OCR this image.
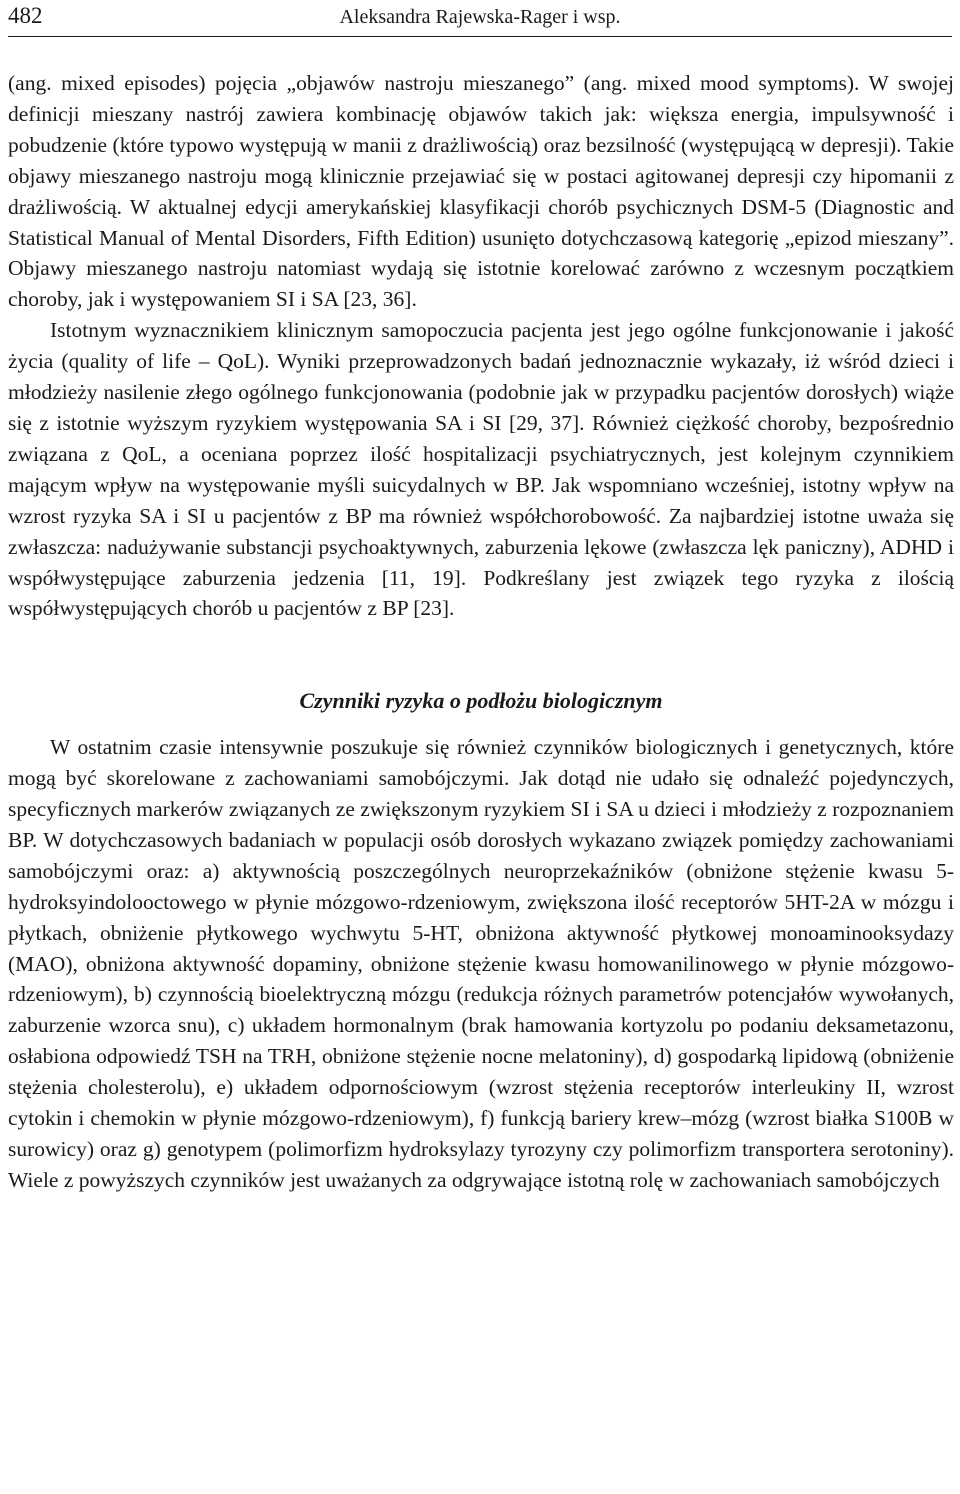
482	Aleksandra Rajewska-Rager i wsp.

(ang. mixed episodes) pojęcia „objawów nastroju mieszanego” (ang. mixed mood symptoms). W swojej definicji mieszany nastrój zawiera kombinację objawów takich jak: większa energia, impulsywność i pobudzenie (które typowo występują w manii z drażliwością) oraz bezsilność (występującą w depresji). Takie objawy mieszanego nastroju mogą klinicznie przejawiać się w postaci agitowanej depresji czy hipomanii z drażliwością. W aktualnej edycji amerykańskiej klasyfikacji chorób psychicznych DSM-5 (Diagnostic and Statistical Manual of Mental Disorders, Fifth Edition) usunięto dotychczasową kategorię „epizod mieszany”. Objawy mieszanego nastroju natomiast wydają się istotnie korelować zarówno z wczesnym początkiem choroby, jak i występowaniem SI i SA [23, 36].

Istotnym wyznacznikiem klinicznym samopoczucia pacjenta jest jego ogólne funkcjonowanie i jakość życia (quality of life – QoL). Wyniki przeprowadzonych badań jednoznacznie wykazały, iż wśród dzieci i młodzieży nasilenie złego ogólnego funkcjonowania (podobnie jak w przypadku pacjentów dorosłych) wiąże się z istotnie wyższym ryzykiem występowania SA i SI [29, 37]. Również ciężkość choroby, bezpośrednio związana z QoL, a oceniana poprzez ilość hospitalizacji psychiatrycznych, jest kolejnym czynnikiem mającym wpływ na występowanie myśli suicydalnych w BP. Jak wspomniano wcześniej, istotny wpływ na wzrost ryzyka SA i SI u pacjentów z BP ma również współchorobowość. Za najbardziej istotne uważa się zwłaszcza: nadużywanie substancji psychoaktywnych, zaburzenia lękowe (zwłaszcza lęk paniczny), ADHD i współwystępujące zaburzenia jedzenia [11, 19]. Podkreślany jest związek tego ryzyka z ilością współwystępujących chorób u pacjentów z BP [23].

Czynniki ryzyka o podłożu biologicznym

W ostatnim czasie intensywnie poszukuje się również czynników biologicznych i genetycznych, które mogą być skorelowane z zachowaniami samobójczymi. Jak dotąd nie udało się odnaleźć pojedynczych, specyficznych markerów związanych ze zwiększonym ryzykiem SI i SA u dzieci i młodzieży z rozpoznaniem BP. W dotychczasowych badaniach w populacji osób dorosłych wykazano związek pomiędzy zachowaniami samobójczymi oraz: a) aktywnością poszczególnych neuroprzekaźników (obniżone stężenie kwasu 5-hydroksyindolooctowego w płynie mózgowo-rdzeniowym, zwiększona ilość receptorów 5HT-2A w mózgu i płytkach, obniżenie płytkowego wychwytu 5-HT, obniżona aktywność płytkowej monoaminooksydazy (MAO), obniżona aktywność dopaminy, obniżone stężenie kwasu homowanilinowego w płynie mózgowo- rdzeniowym), b) czynnością bioelektryczną mózgu (redukcja różnych parametrów potencjałów wywołanych, zaburzenie wzorca snu), c) układem hormonalnym (brak hamowania kortyzolu po podaniu deksametazonu, osłabiona odpowiedź TSH na TRH, obniżone stężenie nocne melatoniny), d) gospodarką lipidową (obniżenie stężenia cholesterolu), e) układem odpornościowym (wzrost stężenia receptorów interleukiny II, wzrost cytokin i chemokin w płynie mózgowo-rdzeniowym), f) funkcją bariery krew–mózg (wzrost białka S100B w surowicy) oraz g) genotypem (polimorfizm hydroksylazy tyrozyny czy polimorfizm transportera serotoniny). Wiele z powyższych czynników jest uważanych za odgrywające istotną rolę w zachowaniach samobójczych
